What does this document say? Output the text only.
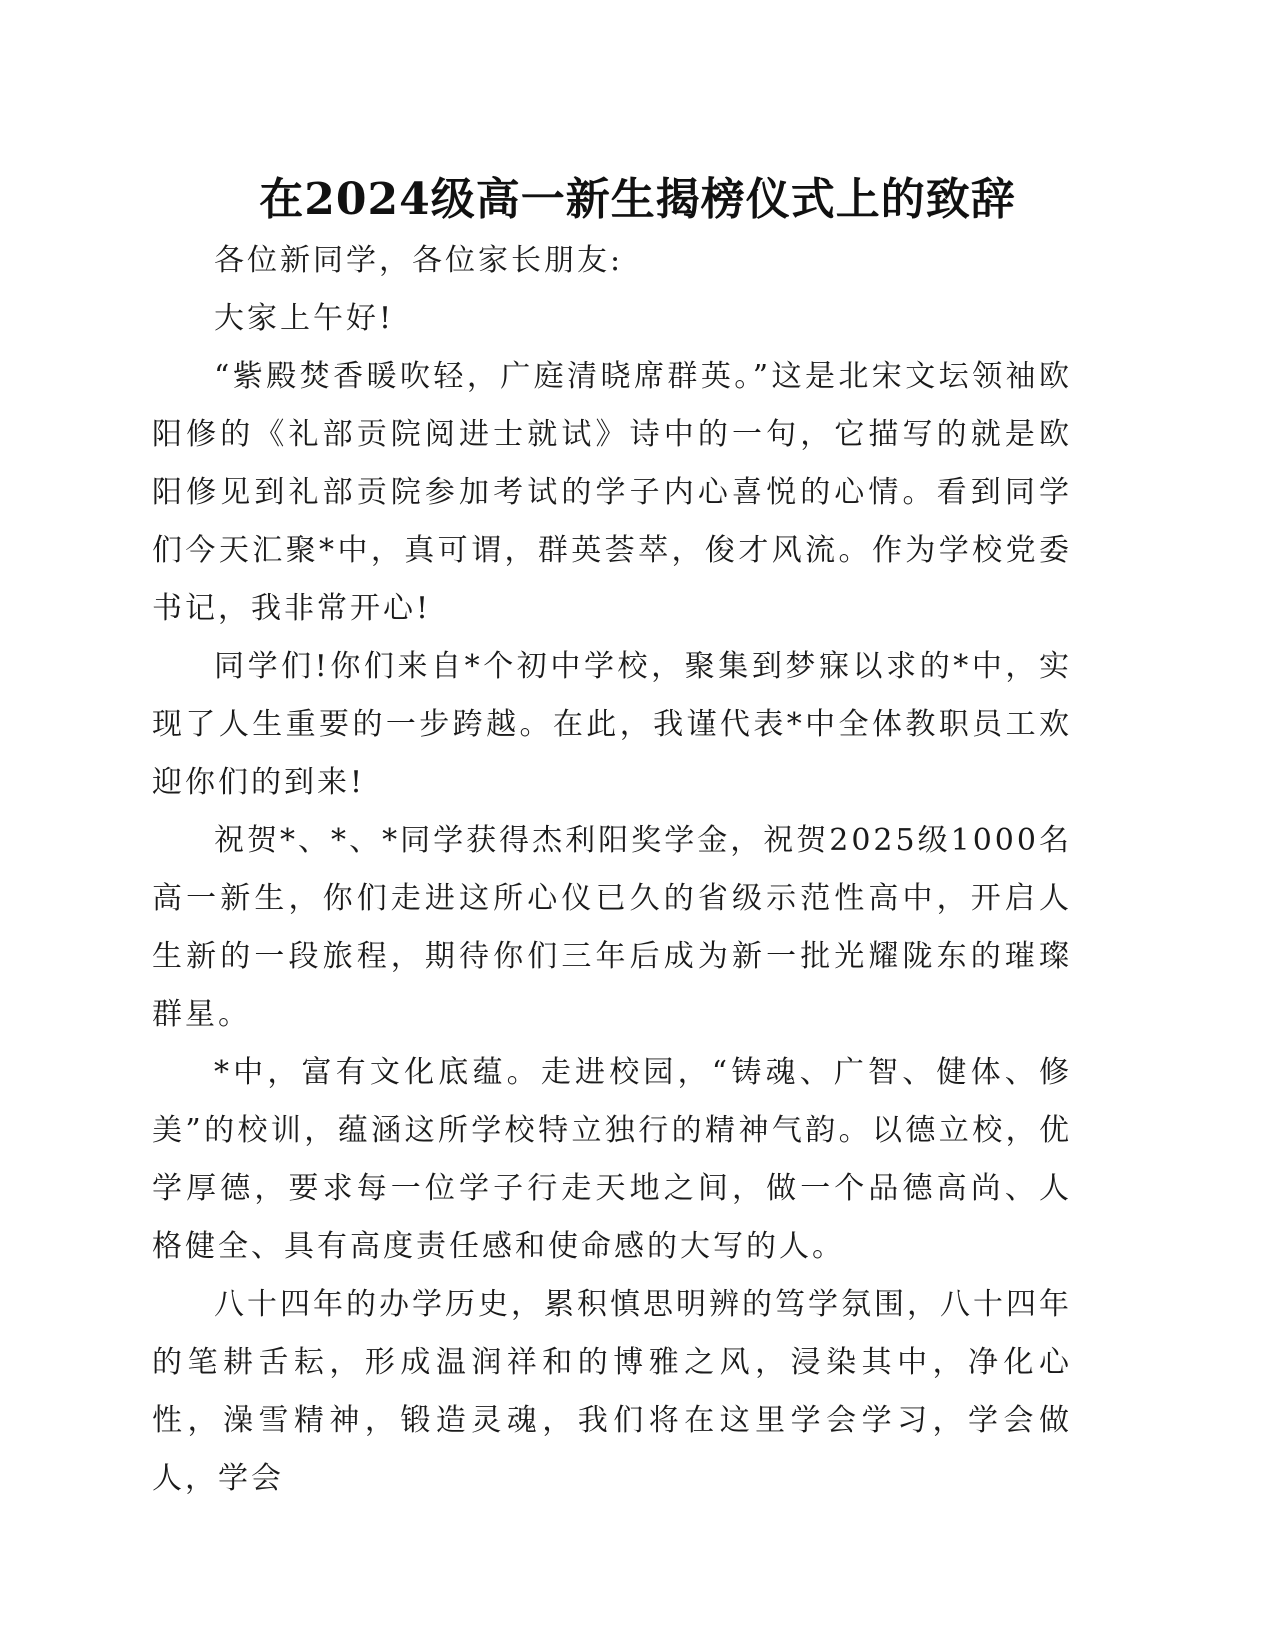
在2024级高一新生揭榜仪式上的致辞

各位新同学，各位家长朋友:

大家上午好!

“紫殿焚香暖吹轻，广庭清晓席群英。”这是北宋文坛领袖欧阳修的《礼部贡院阅进士就试》诗中的一句，它描写的就是欧阳修见到礼部贡院参加考试的学子内心喜悦的心情。看到同学们今天汇聚*中，真可谓，群英荟萃，俊才风流。作为学校党委书记，我非常开心!

同学们!你们来自*个初中学校，聚集到梦寐以求的*中，实现了人生重要的一步跨越。在此，我谨代表*中全体教职员工欢迎你们的到来!

祝贺*、*、*同学获得杰利阳奖学金，祝贺2025级1000名高一新生，你们走进这所心仪已久的省级示范性高中，开启人生新的一段旅程，期待你们三年后成为新一批光耀陇东的璀璨群星。

*中，富有文化底蕴。走进校园，“铸魂、广智、健体、修美”的校训，蕴涵这所学校特立独行的精神气韵。以德立校，优学厚德，要求每一位学子行走天地之间，做一个品德高尚、人格健全、具有高度责任感和使命感的大写的人。

八十四年的办学历史，累积慎思明辨的笃学氛围，八十四年的笔耕舌耘，形成温润祥和的博雅之风，浸染其中，净化心性，澡雪精神，锻造灵魂，我们将在这里学会学习，学会做人，学会
